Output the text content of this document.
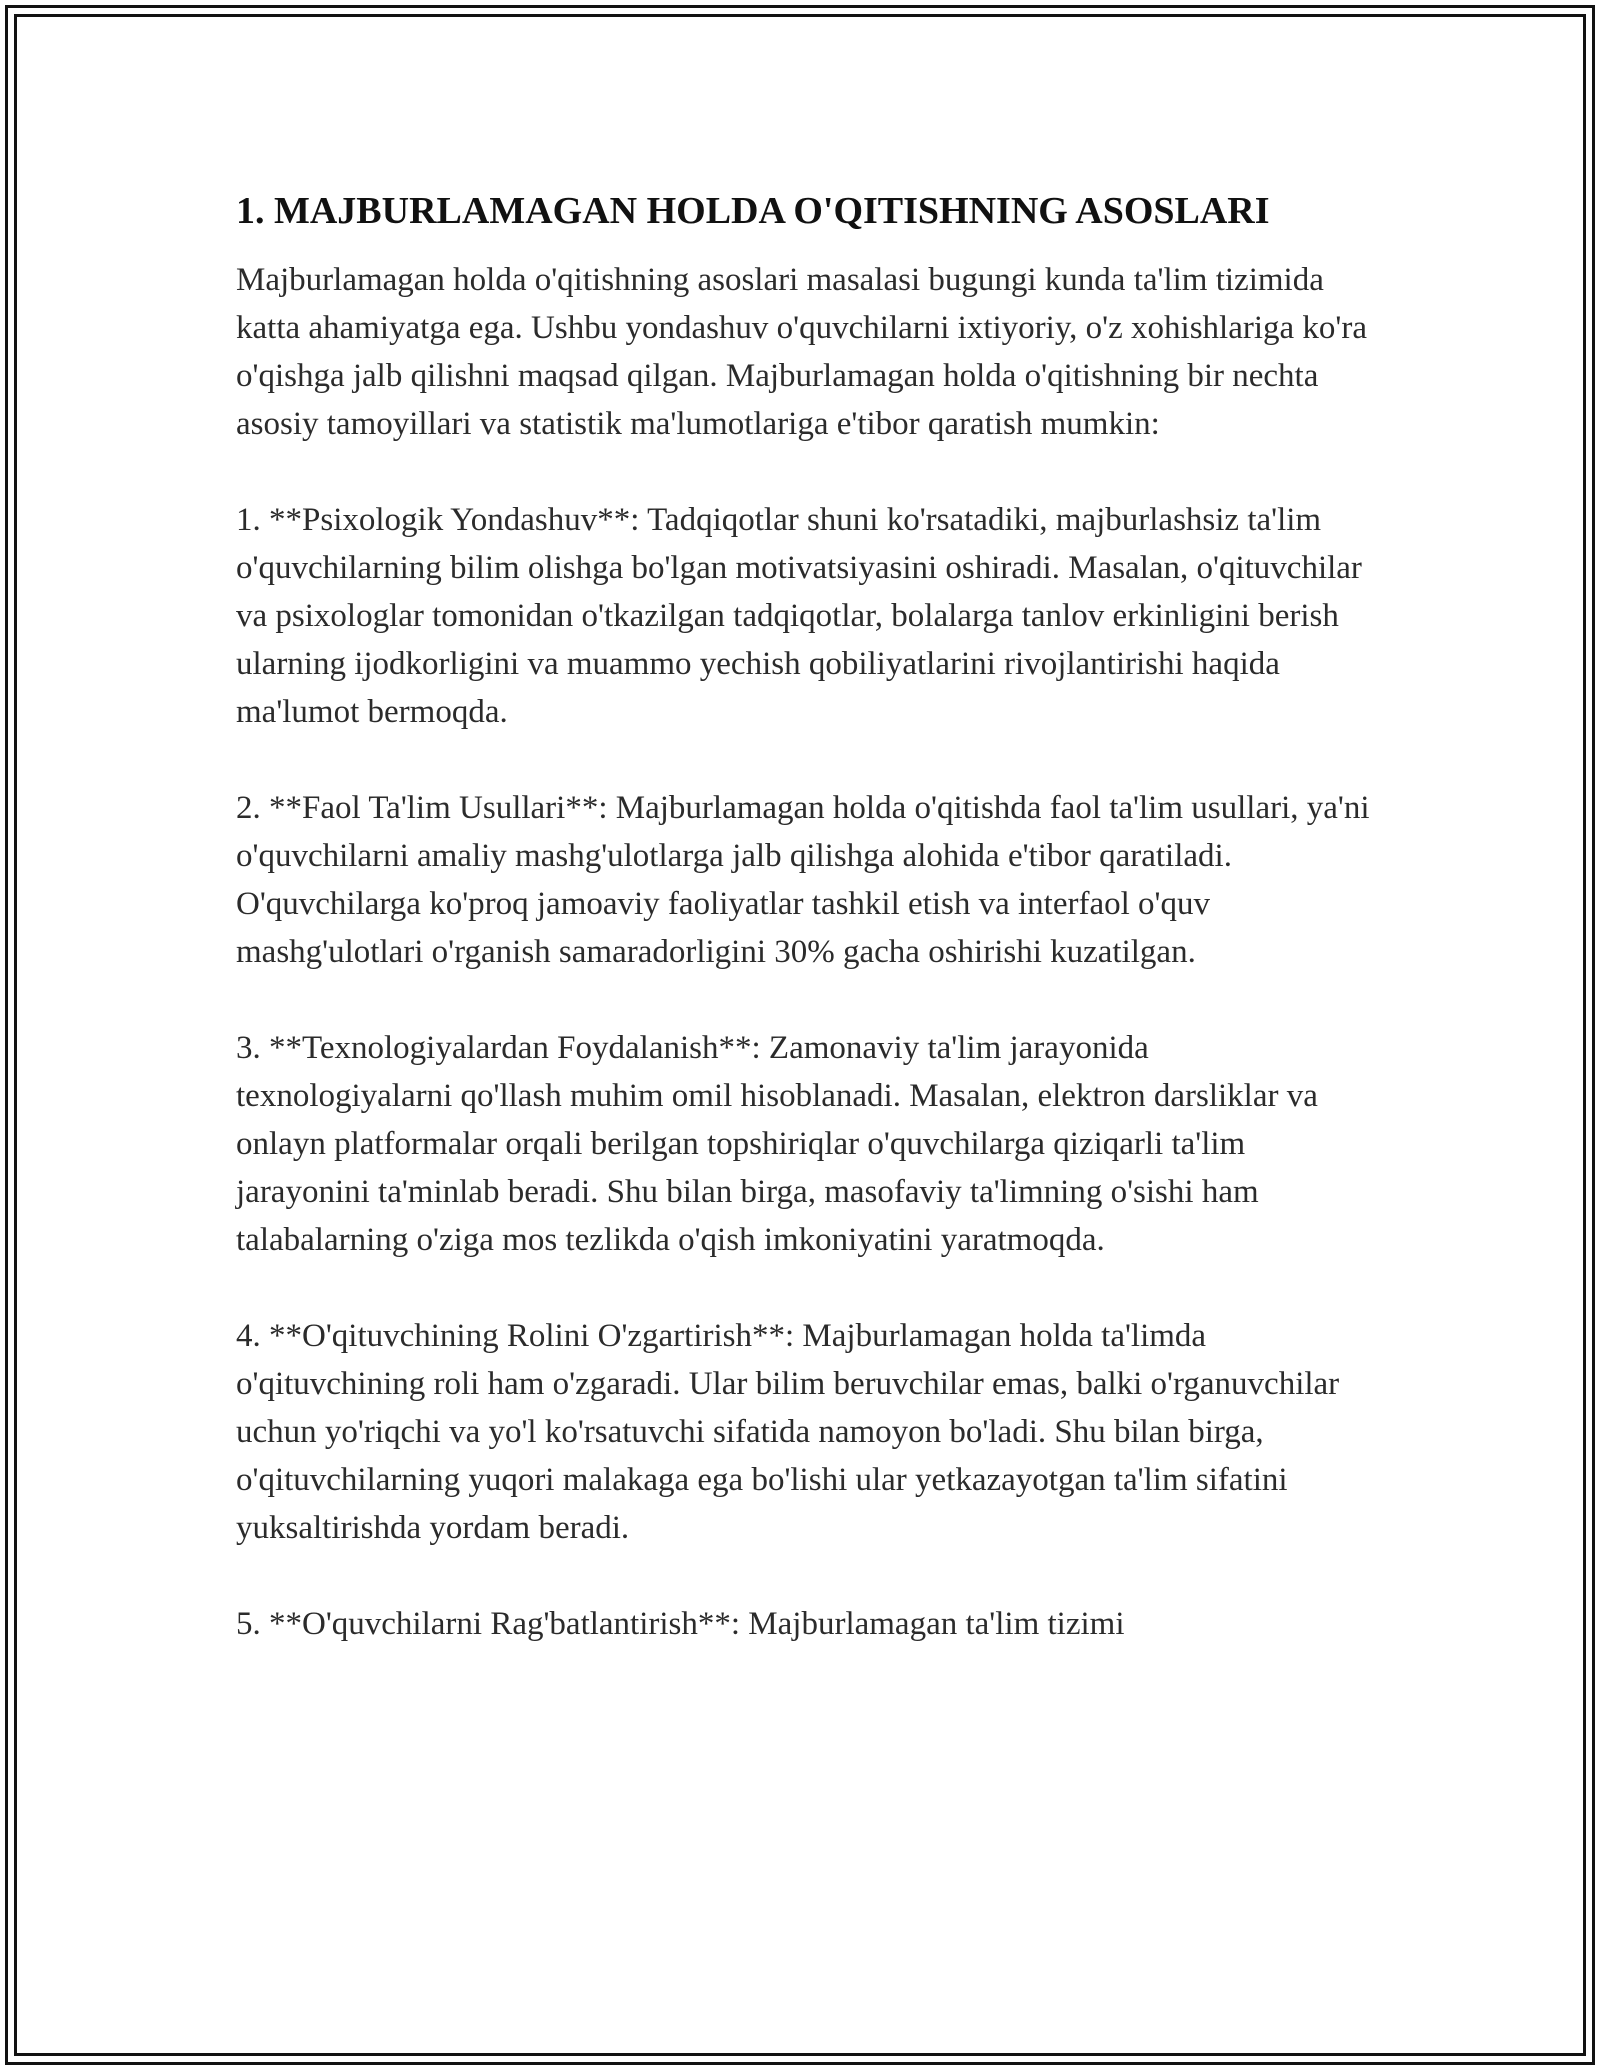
1. MAJBURLAMAGAN HOLDA O'QITISHNING ASOSLARI

Majburlamagan holda o'qitishning asoslari masalasi bugungi kunda ta'lim tizimida katta ahamiyatga ega. Ushbu yondashuv o'quvchilarni ixtiyoriy, o'z xohishlariga ko'ra o'qishga jalb qilishni maqsad qilgan. Majburlamagan holda o'qitishning bir nechta asosiy tamoyillari va statistik ma'lumotlariga e'tibor qaratish mumkin:

1. **Psixologik Yondashuv**: Tadqiqotlar shuni ko'rsatadiki, majburlashsiz ta'lim o'quvchilarning bilim olishga bo'lgan motivatsiyasini oshiradi. Masalan, o'qituvchilar va psixologlar tomonidan o'tkazilgan tadqiqotlar, bolalarga tanlov erkinligini berish ularning ijodkorligini va muammo yechish qobiliyatlarini rivojlantirishi haqida ma'lumot bermoqda.

2. **Faol Ta'lim Usullari**: Majburlamagan holda o'qitishda faol ta'lim usullari, ya'ni o'quvchilarni amaliy mashg'ulotlarga jalb qilishga alohida e'tibor qaratiladi. O'quvchilarga ko'proq jamoaviy faoliyatlar tashkil etish va interfaol o'quv mashg'ulotlari o'rganish samaradorligini 30% gacha oshirishi kuzatilgan.

3. **Texnologiyalardan Foydalanish**: Zamonaviy ta'lim jarayonida texnologiyalarni qo'llash muhim omil hisoblanadi. Masalan, elektron darsliklar va onlayn platformalar orqali berilgan topshiriqlar o'quvchilarga qiziqarli ta'lim jarayonini ta'minlab beradi. Shu bilan birga, masofaviy ta'limning o'sishi ham talabalarning o'ziga mos tezlikda o'qish imkoniyatini yaratmoqda.

4. **O'qituvchining Rolini O'zgartirish**: Majburlamagan holda ta'limda o'qituvchining roli ham o'zgaradi. Ular bilim beruvchilar emas, balki o'rganuvchilar uchun yo'riqchi va yo'l ko'rsatuvchi sifatida namoyon bo'ladi. Shu bilan birga, o'qituvchilarning yuqori malakaga ega bo'lishi ular yetkazayotgan ta'lim sifatini yuksaltirishda yordam beradi.

5. **O'quvchilarni Rag'batlantirish**: Majburlamagan ta'lim tizimi
